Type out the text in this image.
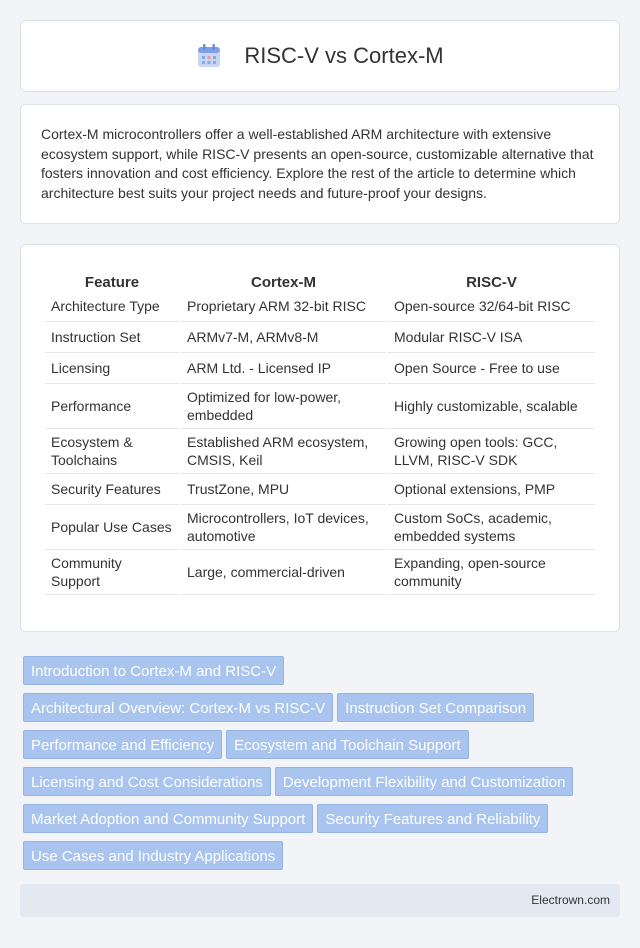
RISC-V vs Cortex-M

Cortex-M microcontrollers offer a well-established ARM architecture with extensive ecosystem support, while RISC-V presents an open-source, customizable alternative that fosters innovation and cost efficiency. Explore the rest of the article to determine which architecture best suits your project needs and future-proof your designs.

Feature	Cortex-M	RISC-V
Architecture Type	Proprietary ARM 32-bit RISC	Open-source 32/64-bit RISC
Instruction Set	ARMv7-M, ARMv8-M	Modular RISC-V ISA
Licensing	ARM Ltd. - Licensed IP	Open Source - Free to use
Performance	Optimized for low-power, embedded	Highly customizable, scalable
Ecosystem & Toolchains	Established ARM ecosystem, CMSIS, Keil	Growing open tools: GCC, LLVM, RISC-V SDK
Security Features	TrustZone, MPU	Optional extensions, PMP
Popular Use Cases	Microcontrollers, IoT devices, automotive	Custom SoCs, academic, embedded systems
Community Support	Large, commercial-driven	Expanding, open-source community
Introduction to Cortex-M and RISC-V
Architectural Overview: Cortex-M vs RISC-V Instruction Set Comparison
Performance and Efficiency Ecosystem and Toolchain Support
Licensing and Cost Considerations Development Flexibility and Customization
Market Adoption and Community Support Security Features and Reliability
Use Cases and Industry Applications
Electrown.com
